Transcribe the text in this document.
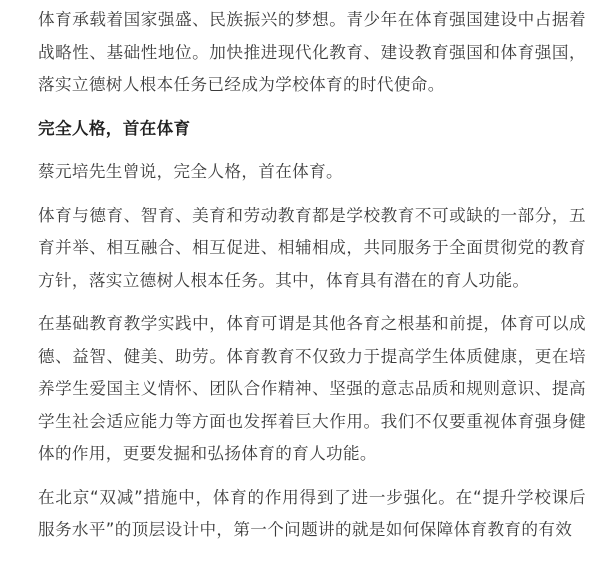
体育承载着国家强盛、民族振兴的梦想。青少年在体育强国建设中占据着战略性、基础性地位。加快推进现代化教育、建设教育强国和体育强国，落实立德树人根本任务已经成为学校体育的时代使命。

完全人格，首在体育

蔡元培先生曾说，完全人格，首在体育。

体育与德育、智育、美育和劳动教育都是学校教育不可或缺的一部分，五育并举、相互融合、相互促进、相辅相成，共同服务于全面贯彻党的教育方针，落实立德树人根本任务。其中，体育具有潜在的育人功能。

在基础教育教学实践中，体育可谓是其他各育之根基和前提，体育可以成德、益智、健美、助劳。体育教育不仅致力于提高学生体质健康，更在培养学生爱国主义情怀、团队合作精神、坚强的意志品质和规则意识、提高学生社会适应能力等方面也发挥着巨大作用。我们不仅要重视体育强身健体的作用，更要发掘和弘扬体育的育人功能。

在北京“双减”措施中，体育的作用得到了进一步强化。在“提升学校课后服务水平”的顶层设计中，第一个问题讲的就是如何保障体育教育的有效
